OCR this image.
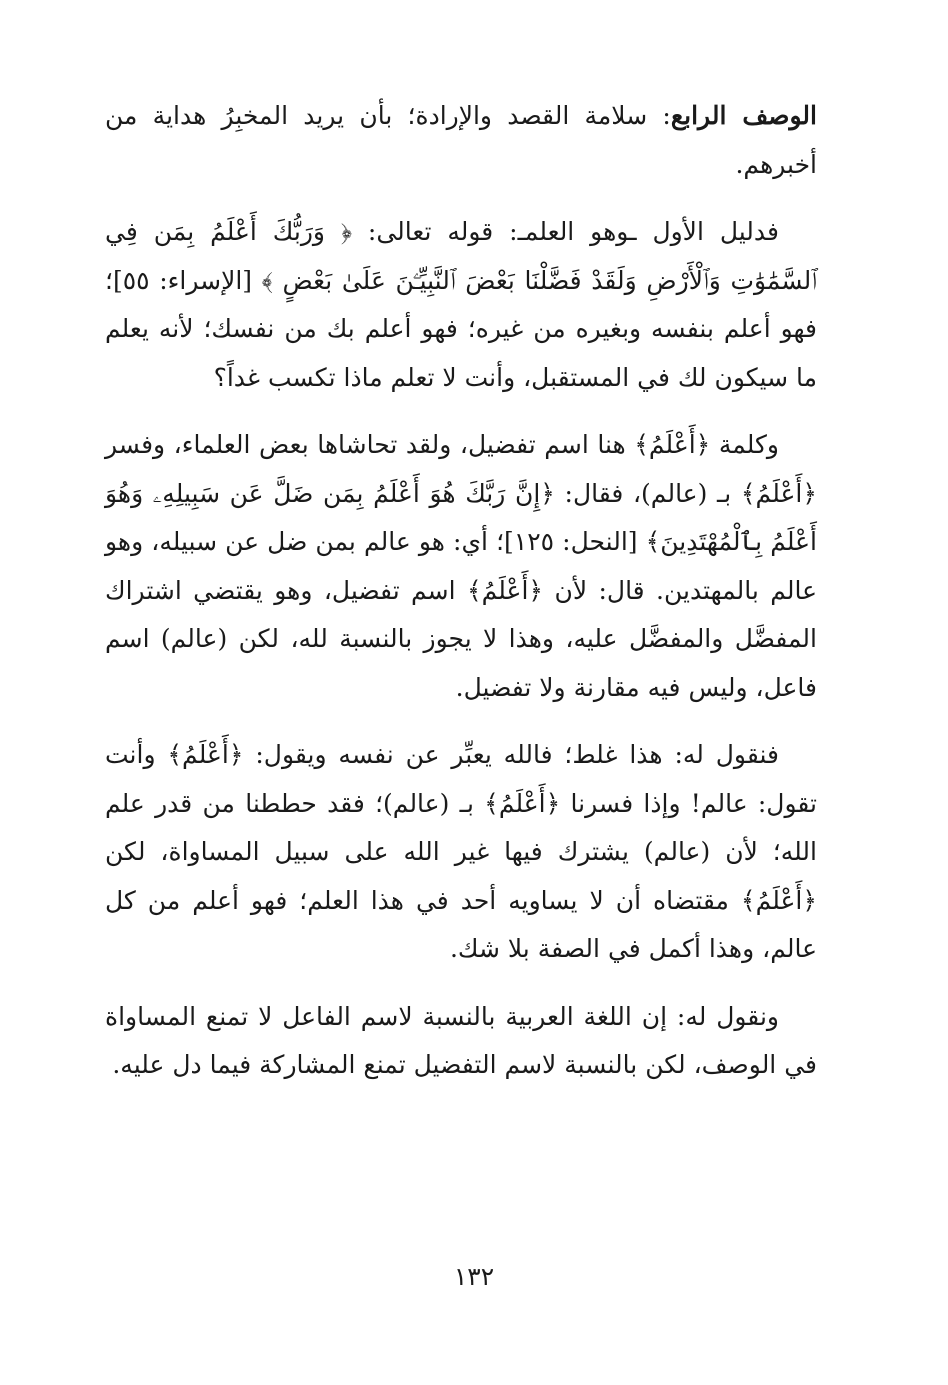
الوصف الرابع: سلامة القصد والإرادة؛ بأن يريد المخبِرُ هداية من أخبرهم.

فدليل الأول ـوهو العلمـ: قوله تعالى: ﴿ وَرَبُّكَ أَعْلَمُ بِمَن فِي ٱلسَّمَٰوَٰتِ وَٱلْأَرْضِ وَلَقَدْ فَضَّلْنَا بَعْضَ ٱلنَّبِيِّـۧنَ عَلَىٰ بَعْضٍ ﴾ [الإسراء: ٥٥]؛ فهو أعلم بنفسه وبغيره من غيره؛ فهو أعلم بك من نفسك؛ لأنه يعلم ما سيكون لك في المستقبل، وأنت لا تعلم ماذا تكسب غداً؟

وكلمة ﴿أَعْلَمُ﴾ هنا اسم تفضيل، ولقد تحاشاها بعض العلماء، وفسر ﴿أَعْلَمُ﴾ بـ (عالم)، فقال: ﴿إِنَّ رَبَّكَ هُوَ أَعْلَمُ بِمَن ضَلَّ عَن سَبِيلِهِۦ وَهُوَ أَعْلَمُ بِٱلْمُهْتَدِينَ﴾ [النحل: ١٢٥]؛ أي: هو عالم بمن ضل عن سبيله، وهو عالم بالمهتدين. قال: لأن ﴿أَعْلَمُ﴾ اسم تفضيل، وهو يقتضي اشتراك المفضَّل والمفضَّل عليه، وهذا لا يجوز بالنسبة لله، لكن (عالم) اسم فاعل، وليس فيه مقارنة ولا تفضيل.

فنقول له: هذا غلط؛ فالله يعبِّر عن نفسه ويقول: ﴿أَعْلَمُ﴾ وأنت تقول: عالم! وإذا فسرنا ﴿أَعْلَمُ﴾ بـ (عالم)؛ فقد حططنا من قدر علم الله؛ لأن (عالم) يشترك فيها غير الله على سبيل المساواة، لكن ﴿أَعْلَمُ﴾ مقتضاه أن لا يساويه أحد في هذا العلم؛ فهو أعلم من كل عالم، وهذا أكمل في الصفة بلا شك.

ونقول له: إن اللغة العربية بالنسبة لاسم الفاعل لا تمنع المساواة في الوصف، لكن بالنسبة لاسم التفضيل تمنع المشاركة فيما دل عليه.

١٣٢
